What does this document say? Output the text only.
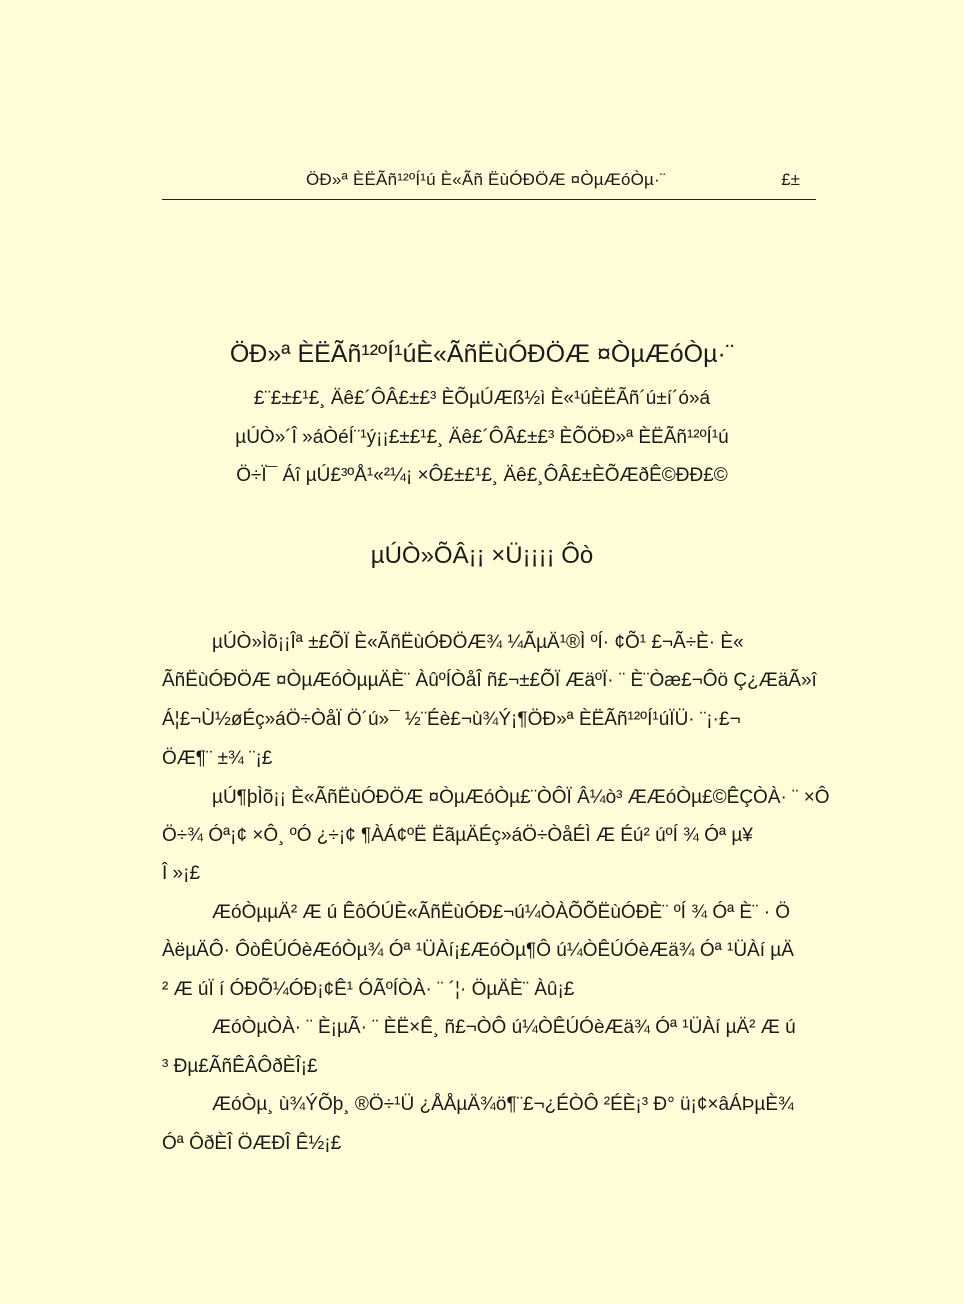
ÖÐ»ª ÈËÃñ¹²ºÍ¹ú È«Ãñ ËùÓÐÖÆ ¤ÒµÆóÒµ·¨	£±
ÖÐ»ª ÈËÃñ¹²ºÍ¹úÈ«ÃñËùÓÐÖÆ ¤ÒµÆóÒµ·¨
£¨£±£¹£¸ Äê£´ÔÂ£±£³ ÈÕµÚÆß½ì È«¹úÈËÃñ´ú±í´ó»á
µÚÒ»´Î »áÒéÍ¨¹ý¡¡£±£¹£¸ Äê£´ÔÂ£±£³ ÈÕÖÐ»ª ÈËÃñ¹²ºÍ¹ú
Ö÷Ï¯ Áî µÚ£³ºÅ¹«²¼¡ ×Ô£±£¹£¸ Äê£¸ÔÂ£±ÈÕÆðÊ©ÐÐ£©
µÚÒ»ÕÂ¡¡ ×Ü¡¡¡¡ Ôò
µÚÒ»Ìõ¡¡Îª ±£ÕÏ È«ÃñËùÓÐÖÆ¾ ¼ÃµÄ¹®Ì ºÍ· ¢Õ¹ £¬Ã÷È· È«
ÃñËùÓÐÖÆ ¤ÒµÆóÒµµÄÈ¨ ÀûºÍÒåÎ ñ£¬±£ÕÏ ÆäºÏ· ¨ È¨Òæ£¬Ôö Ç¿ÆäÃ»î
Á¦£¬Ù½øÉç»áÖ÷ÒåÏ Ö´ú»¯ ½¨Éè£¬ù¾Ý¡¶ÖÐ»ª ÈËÃñ¹²ºÍ¹úÏÜ· ¨¡·£¬
ÖÆ¶¨ ±¾ ¨¡£
µÚ¶þÌõ¡¡ È«ÃñËùÓÐÖÆ ¤ÒµÆóÒµ£¨ÒÔÏ Â¼ò³ ÆÆóÒµ£©ÊÇÒÀ· ¨ ×Ô
Ö÷¾ Óª¡¢ ×Ô¸ ºÓ ¿÷¡¢ ¶ÀÁ¢ºË ËãµÄÉç»áÖ÷ÒåÉÌ Æ Éú² úºÍ ¾ Óª µ¥
Î »¡£
ÆóÒµµÄ² Æ ú ÊôÓÚÈ«ÃñËùÓÐ£¬ú¼ÒÀÕÕËùÓÐÈ¨ ºÍ ¾ Óª È¨ · Ö
ÀëµÄÔ· ÔòÊÚÓèÆóÒµ¾ Óª ¹ÜÀí¡£ÆóÒµ¶Ô ú¼ÒÊÚÓèÆä¾ Óª ¹ÜÀí µÄ
² Æ úÏ í ÓÐÕ¼ÓÐ¡¢Ê¹ ÓÃºÍÒÀ· ¨ ´¦· ÖµÄÈ¨ Àû¡£
ÆóÒµÒÀ· ¨ È¡µÃ· ¨ ÈË×Ê¸ ñ£¬ÒÔ ú¼ÒÊÚÓèÆä¾ Óª ¹ÜÀí µÄ² Æ ú
³ Ðµ£ÃñÊÂÔðÈÎ¡£
ÆóÒµ¸ ù¾ÝÕþ¸ ®Ö÷¹Ü ¿ÅÅµÄ¾ö¶¨£¬¿ÉÒÔ ²ÉÈ¡³ Ð° ü¡¢×âÁÞµÈ¾
Óª ÔðÈÎ ÖÆÐÎ Ê½¡£
